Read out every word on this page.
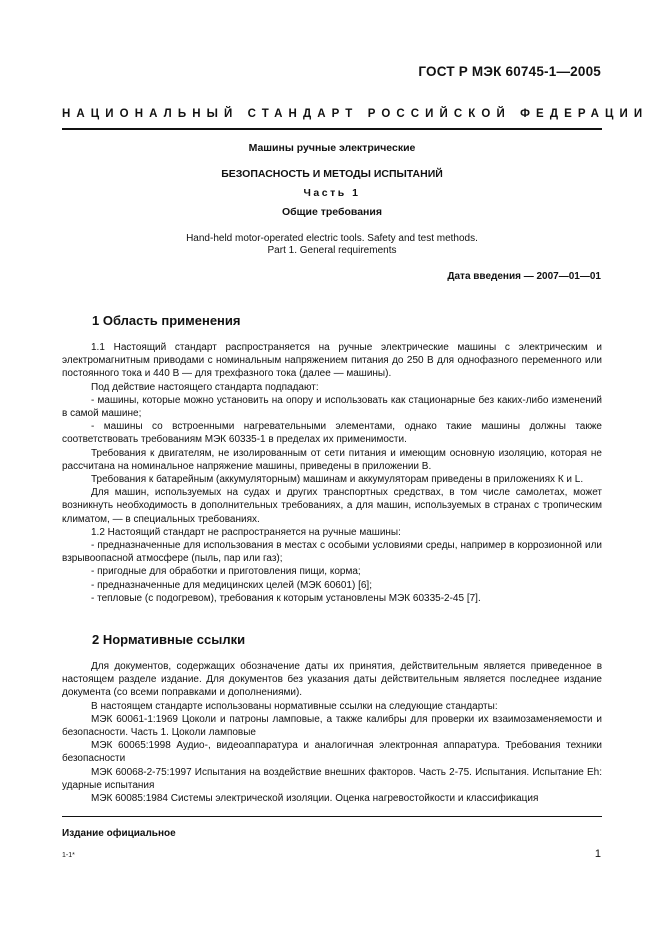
ГОСТ Р МЭК 60745-1—2005
НАЦИОНАЛЬНЫЙ СТАНДАРТ РОССИЙСКОЙ ФЕДЕРАЦИИ
Машины ручные электрические
БЕЗОПАСНОСТЬ И МЕТОДЫ ИСПЫТАНИЙ
Часть 1
Общие требования
Hand-held motor-operated electric tools. Safety and test methods.
Part 1. General requirements
Дата введения — 2007—01—01
1 Область применения

1.1 Настоящий стандарт распространяется на ручные электрические машины с электрическим и электромагнитным приводами с номинальным напряжением питания до 250 В для однофазного переменного или постоянного тока и 440 В — для трехфазного тока (далее — машины).

Под действие настоящего стандарта подпадают:

- машины, которые можно установить на опору и использовать как стационарные без каких-либо изменений в самой машине;

- машины со встроенными нагревательными элементами, однако такие машины должны также соответствовать требованиям МЭК 60335-1 в пределах их применимости.

Требования к двигателям, не изолированным от сети питания и имеющим основную изоляцию, которая не рассчитана на номинальное напряжение машины, приведены в приложении В.

Требования к батарейным (аккумуляторным) машинам и аккумуляторам приведены в приложениях К и L.

Для машин, используемых на судах и других транспортных средствах, в том числе самолетах, может возникнуть необходимость в дополнительных требованиях, а для машин, используемых в странах с тропическим климатом, — в специальных требованиях.

1.2 Настоящий стандарт не распространяется на ручные машины:

- предназначенные для использования в местах с особыми условиями среды, например в коррозионной или взрывоопасной атмосфере (пыль, пар или газ);

- пригодные для обработки и приготовления пищи, корма;

- предназначенные для медицинских целей (МЭК 60601) [6];

- тепловые (с подогревом), требования к которым установлены МЭК 60335-2-45 [7].

2 Нормативные ссылки

Для документов, содержащих обозначение даты их принятия, действительным является приведенное в настоящем разделе издание. Для документов без указания даты действительным является последнее издание документа (со всеми поправками и дополнениями).

В настоящем стандарте использованы нормативные ссылки на следующие стандарты:

МЭК 60061-1:1969 Цоколи и патроны ламповые, а также калибры для проверки их взаимозаменяемости и безопасности. Часть 1. Цоколи ламповые

МЭК 60065:1998 Аудио-, видеоаппаратура и аналогичная электронная аппаратура. Требования техники безопасности

МЭК 60068-2-75:1997 Испытания на воздействие внешних факторов. Часть 2-75. Испытания. Испытание Eh: ударные испытания

МЭК 60085:1984 Системы электрической изоляции. Оценка нагревостойкости и классификация

Издание официальное
1-1*	1
